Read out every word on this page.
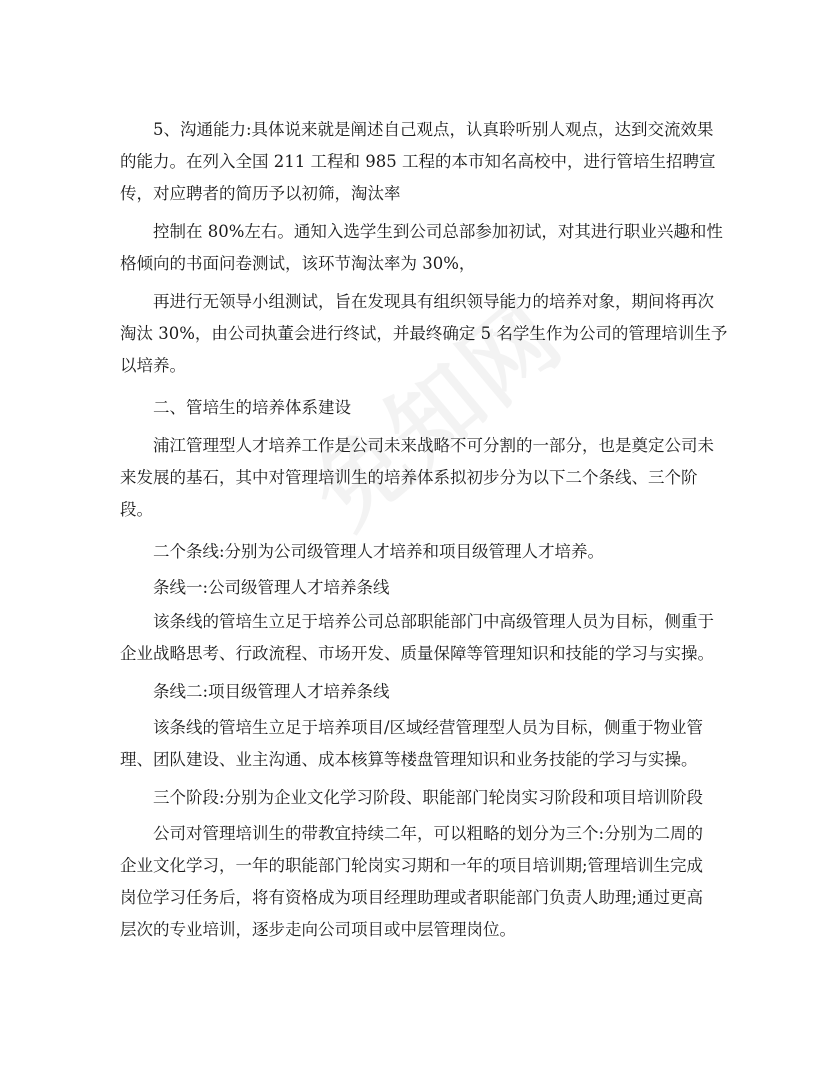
　　5、沟通能力:具体说来就是阐述自己观点，认真聆听别人观点，达到交流效果
的能力。在列入全国 211 工程和 985 工程的本市知名高校中，进行管培生招聘宣
传，对应聘者的简历予以初筛，淘汰率

　　控制在 80%左右。通知入选学生到公司总部参加初试，对其进行职业兴趣和性
格倾向的书面问卷测试，该环节淘汰率为 30%，

　　再进行无领导小组测试，旨在发现具有组织领导能力的培养对象，期间将再次
淘汰 30%，由公司执董会进行终试，并最终确定 5 名学生作为公司的管理培训生予
以培养。

　　二、管培生的培养体系建设

　　浦江管理型人才培养工作是公司未来战略不可分割的一部分，也是奠定公司未
来发展的基石，其中对管理培训生的培养体系拟初步分为以下二个条线、三个阶
段。

　　二个条线:分别为公司级管理人才培养和项目级管理人才培养。

　　条线一:公司级管理人才培养条线

　　该条线的管培生立足于培养公司总部职能部门中高级管理人员为目标，侧重于
企业战略思考、行政流程、市场开发、质量保障等管理知识和技能的学习与实操。

　　条线二:项目级管理人才培养条线

　　该条线的管培生立足于培养项目/区域经营管理型人员为目标，侧重于物业管
理、团队建设、业主沟通、成本核算等楼盘管理知识和业务技能的学习与实操。

　　三个阶段:分别为企业文化学习阶段、职能部门轮岗实习阶段和项目培训阶段

　　公司对管理培训生的带教宜持续二年，可以粗略的划分为三个:分别为二周的
企业文化学习，一年的职能部门轮岗实习期和一年的项目培训期;管理培训生完成
岗位学习任务后，将有资格成为项目经理助理或者职能部门负责人助理;通过更高
层次的专业培训，逐步走向公司项目或中层管理岗位。
